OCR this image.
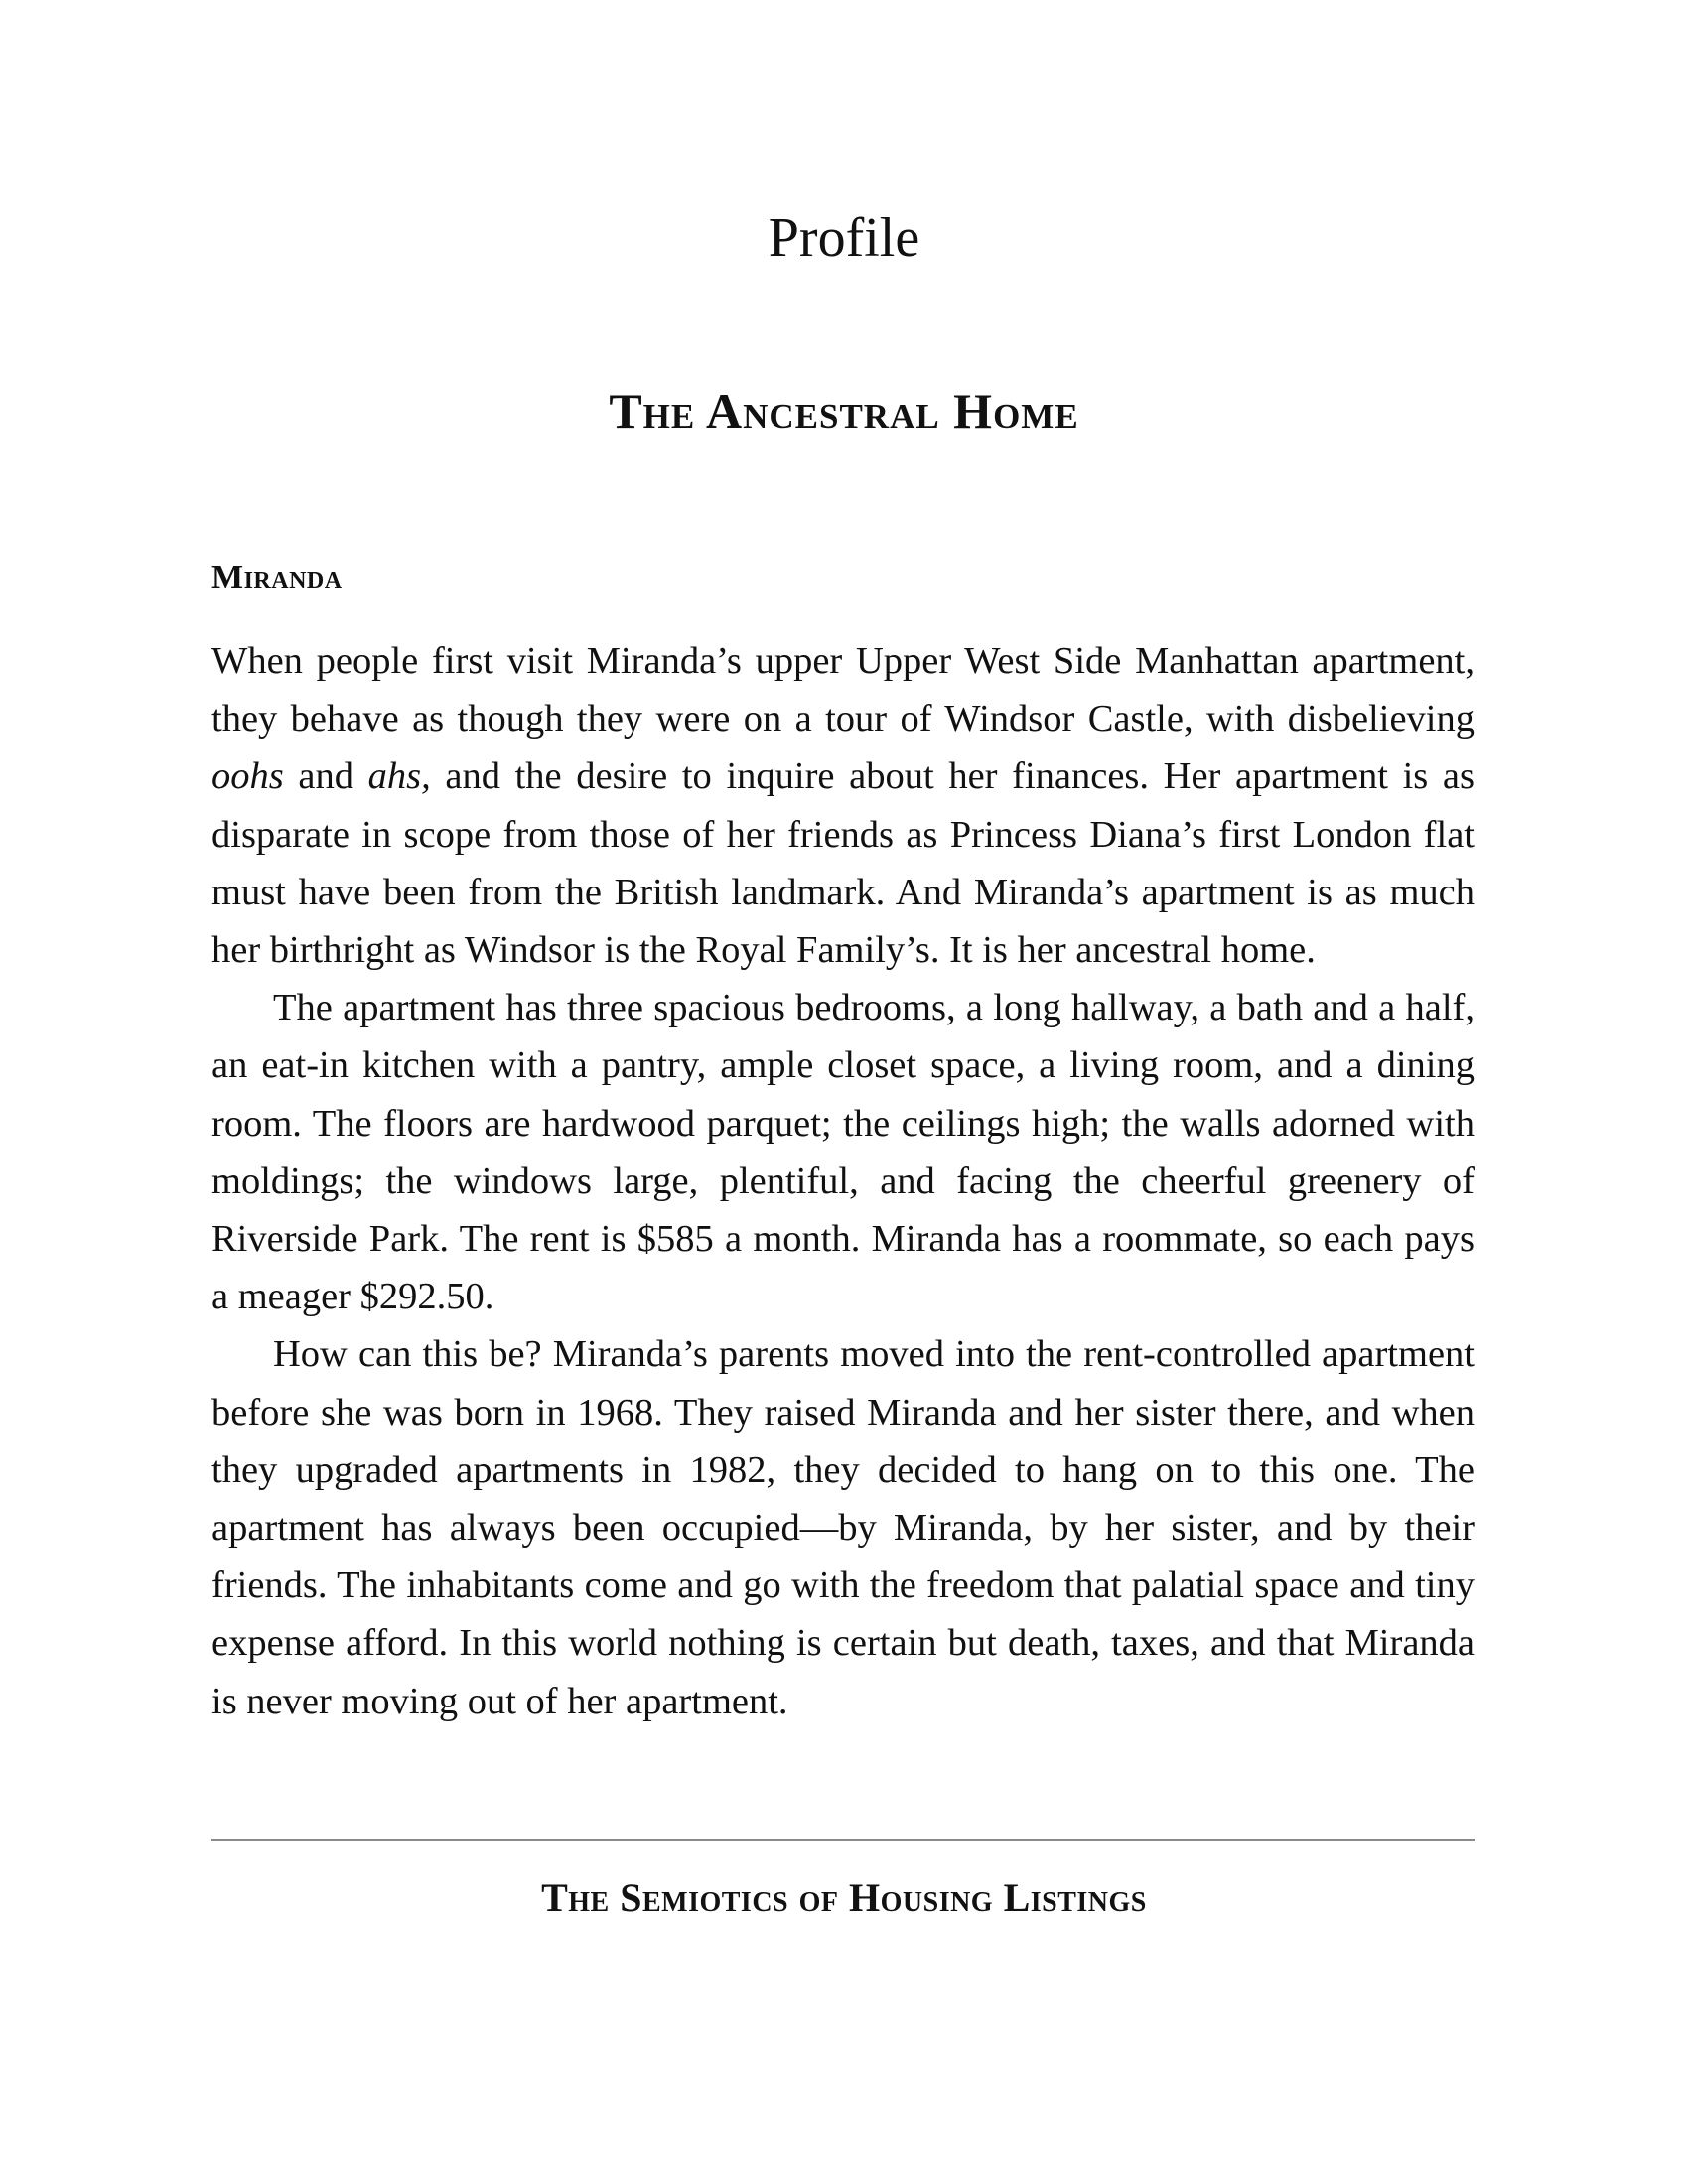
Profile
The Ancestral Home
Miranda

When people first visit Miranda’s upper Upper West Side Manhattan apartment, they behave as though they were on a tour of Windsor Castle, with disbelieving oohs and ahs, and the desire to inquire about her finances. Her apartment is as disparate in scope from those of her friends as Princess Diana’s first London flat must have been from the British landmark. And Miranda’s apartment is as much her birthright as Windsor is the Royal Family’s. It is her ancestral home.

The apartment has three spacious bedrooms, a long hallway, a bath and a half, an eat-in kitchen with a pantry, ample closet space, a living room, and a dining room. The floors are hardwood parquet; the ceilings high; the walls adorned with moldings; the windows large, plentiful, and facing the cheerful greenery of Riverside Park. The rent is $585 a month. Miranda has a roommate, so each pays a meager $292.50.

How can this be? Miranda’s parents moved into the rent-controlled apartment before she was born in 1968. They raised Miranda and her sister there, and when they upgraded apartments in 1982, they decided to hang on to this one. The apartment has always been occupied—by Miranda, by her sister, and by their friends. The inhabitants come and go with the freedom that palatial space and tiny expense afford. In this world nothing is certain but death, taxes, and that Miranda is never moving out of her apartment.

The Semiotics of Housing Listings
